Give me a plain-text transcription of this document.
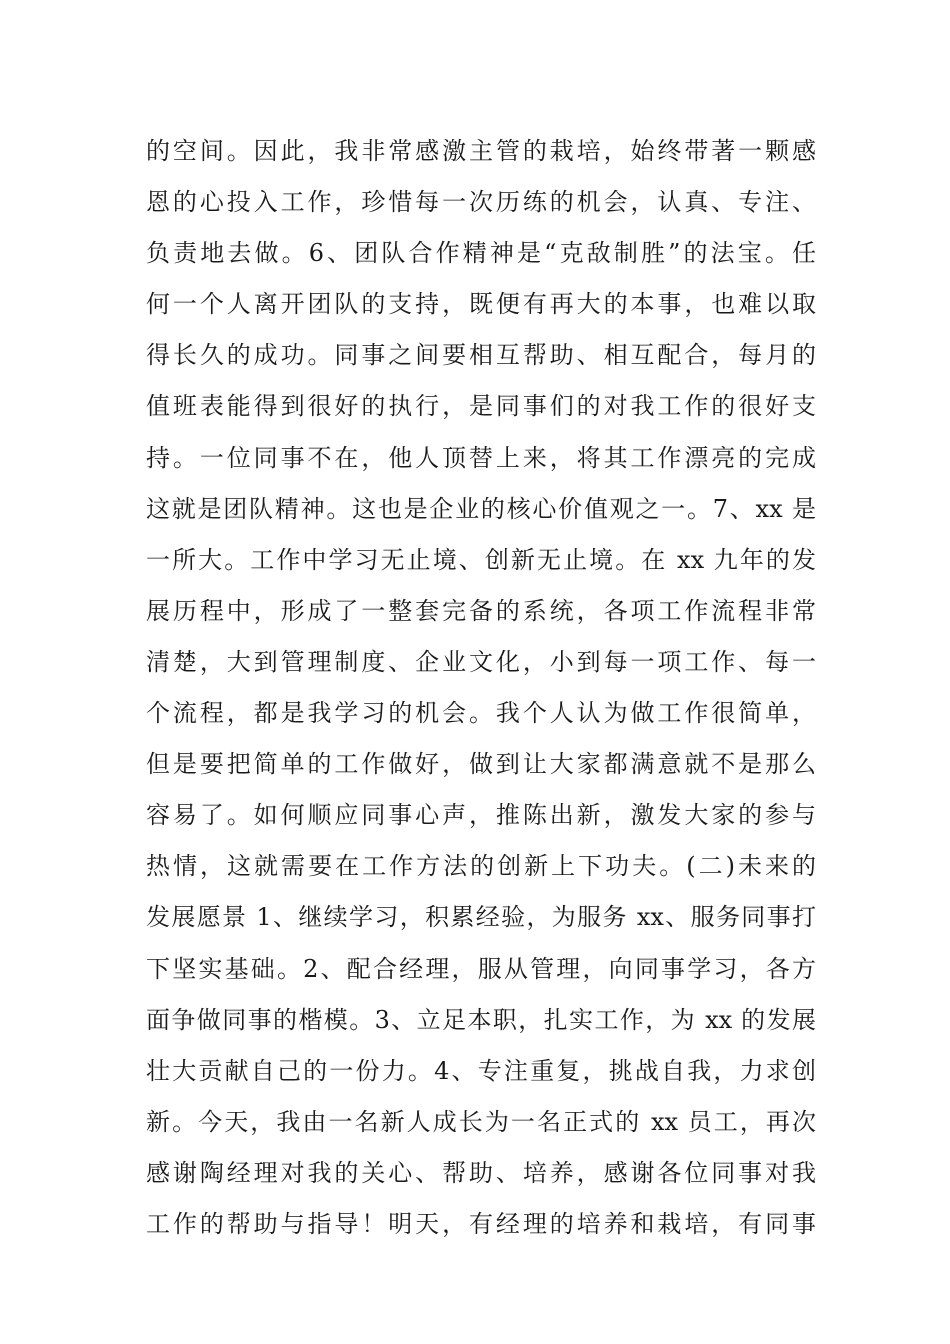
的空间。因此，我非常感激主管的栽培，始终带著一颗感
恩的心投入工作，珍惜每一次历练的机会，认真、专注、
负责地去做。6、团队合作精神是“克敌制胜”的法宝。任
何一个人离开团队的支持，既便有再大的本事，也难以取
得长久的成功。同事之间要相互帮助、相互配合，每月的
值班表能得到很好的执行，是同事们的对我工作的很好支
持。一位同事不在，他人顶替上来，将其工作漂亮的完成
这就是团队精神。这也是企业的核心价值观之一。7、xx 是
一所大。工作中学习无止境、创新无止境。在 xx 九年的发
展历程中，形成了一整套完备的系统，各项工作流程非常
清楚，大到管理制度、企业文化，小到每一项工作、每一
个流程，都是我学习的机会。我个人认为做工作很简单，
但是要把简单的工作做好，做到让大家都满意就不是那么
容易了。如何顺应同事心声，推陈出新，激发大家的参与
热情，这就需要在工作方法的创新上下功夫。(二)未来的
发展愿景 1、继续学习，积累经验，为服务 xx、服务同事打
下坚实基础。2、配合经理，服从管理，向同事学习，各方
面争做同事的楷模。3、立足本职，扎实工作，为 xx 的发展
壮大贡献自己的一份力。4、专注重复，挑战自我，力求创
新。今天，我由一名新人成长为一名正式的 xx 员工，再次
感谢陶经理对我的关心、帮助、培养，感谢各位同事对我
工作的帮助与指导！明天，有经理的培养和栽培，有同事
